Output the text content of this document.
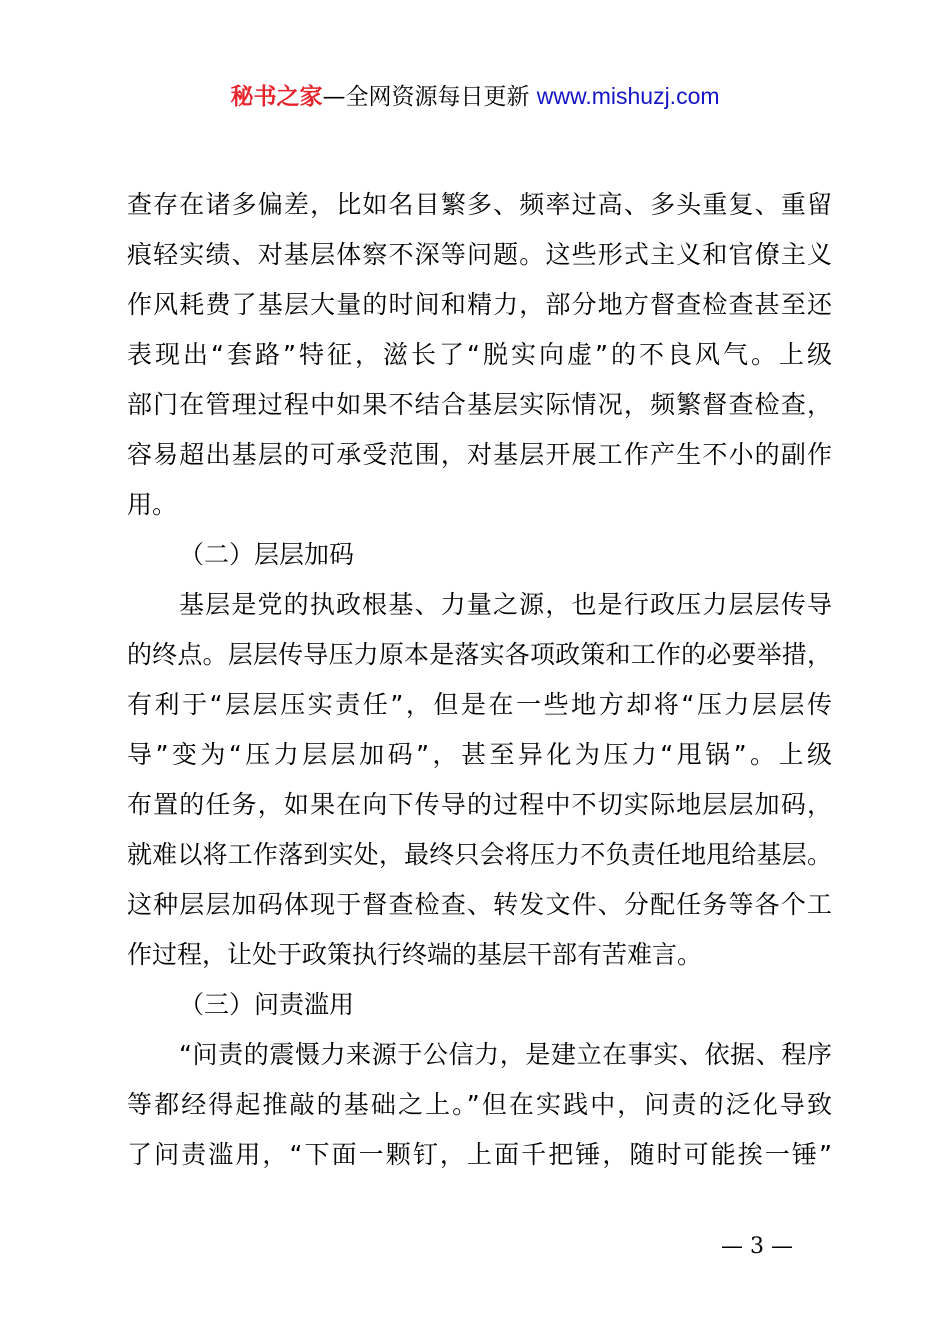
秘书之家—全网资源每日更新 www.mishuzj.com
查存在诸多偏差，比如名目繁多、频率过高、多头重复、重留
痕轻实绩、对基层体察不深等问题。这些形式主义和官僚主义
作风耗费了基层大量的时间和精力，部分地方督查检查甚至还
表现出“套路”特征，滋长了“脱实向虚”的不良风气。上级
部门在管理过程中如果不结合基层实际情况，频繁督查检查，
容易超出基层的可承受范围，对基层开展工作产生不小的副作
用。
（二）层层加码
基层是党的执政根基、力量之源，也是行政压力层层传导
的终点。层层传导压力原本是落实各项政策和工作的必要举措，
有利于“层层压实责任”，但是在一些地方却将“压力层层传
导”变为“压力层层加码”，甚至异化为压力“甩锅”。上级
布置的任务，如果在向下传导的过程中不切实际地层层加码，
就难以将工作落到实处，最终只会将压力不负责任地甩给基层。
这种层层加码体现于督查检查、转发文件、分配任务等各个工
作过程，让处于政策执行终端的基层干部有苦难言。
（三）问责滥用
“问责的震慑力来源于公信力，是建立在事实、依据、程序
等都经得起推敲的基础之上。”但在实践中，问责的泛化导致
了问责滥用，“下面一颗钉，上面千把锤，随时可能挨一锤”
— 3 —
